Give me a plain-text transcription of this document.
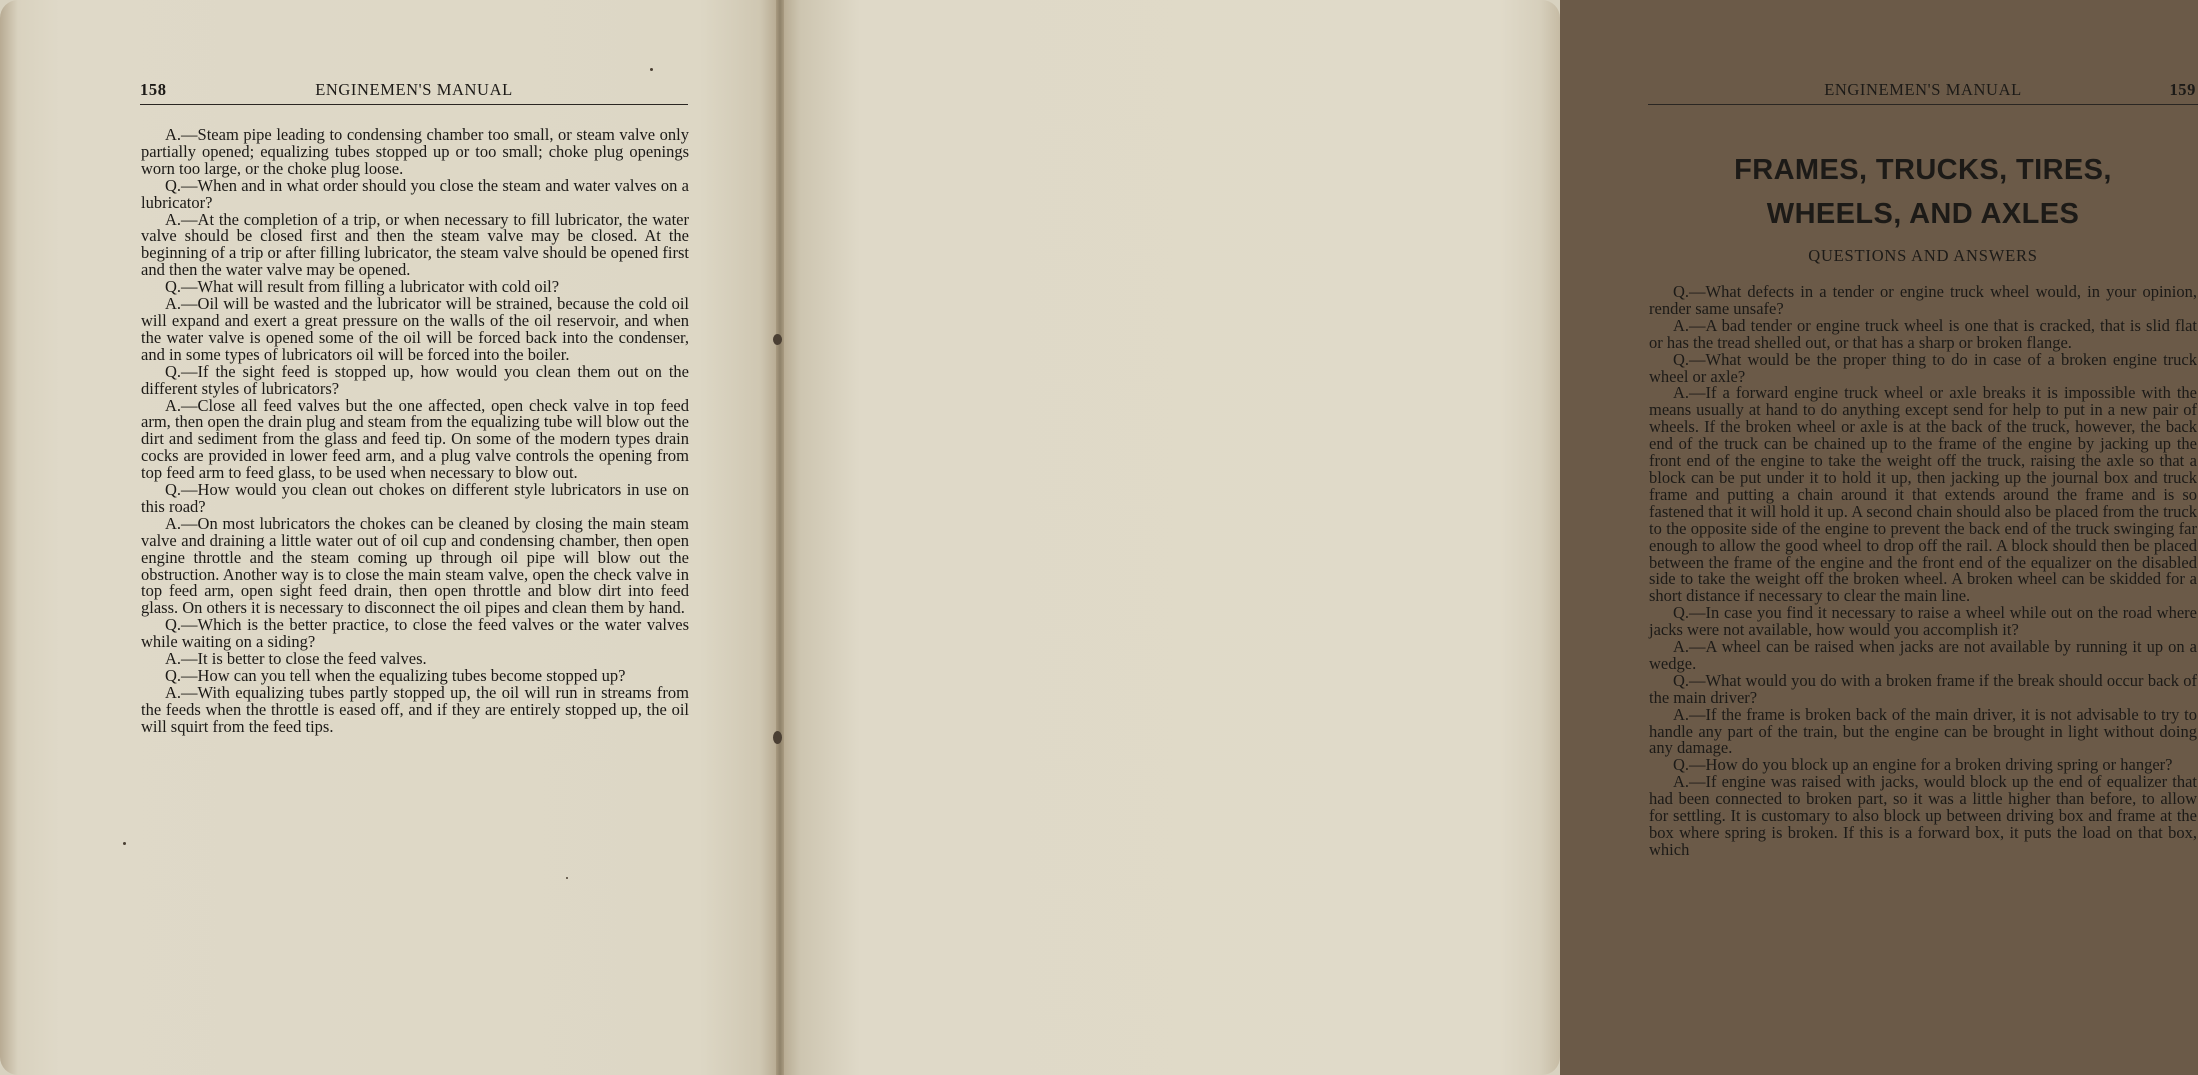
158	ENGINEMEN'S MANUAL

A.—Steam pipe leading to condensing chamber too small, or steam valve only partially opened; equalizing tubes stopped up or too small; choke plug openings worn too large, or the choke plug loose.

Q.—When and in what order should you close the steam and water valves on a lubricator?

A.—At the completion of a trip, or when necessary to fill lubricator, the water valve should be closed first and then the steam valve may be closed. At the beginning of a trip or after filling lubricator, the steam valve should be opened first and then the water valve may be opened.

Q.—What will result from filling a lubricator with cold oil?

A.—Oil will be wasted and the lubricator will be strained, because the cold oil will expand and exert a great pressure on the walls of the oil reservoir, and when the water valve is opened some of the oil will be forced back into the condenser, and in some types of lubricators oil will be forced into the boiler.

Q.—If the sight feed is stopped up, how would you clean them out on the different styles of lubricators?

A.—Close all feed valves but the one affected, open check valve in top feed arm, then open the drain plug and steam from the equalizing tube will blow out the dirt and sediment from the glass and feed tip. On some of the modern types drain cocks are provided in lower feed arm, and a plug valve controls the opening from top feed arm to feed glass, to be used when necessary to blow out.

Q.—How would you clean out chokes on different style lubricators in use on this road?

A.—On most lubricators the chokes can be cleaned by closing the main steam valve and draining a little water out of oil cup and condensing chamber, then open engine throttle and the steam coming up through oil pipe will blow out the obstruction. Another way is to close the main steam valve, open the check valve in top feed arm, open sight feed drain, then open throttle and blow dirt into feed glass. On others it is necessary to disconnect the oil pipes and clean them by hand.

Q.—Which is the better practice, to close the feed valves or the water valves while waiting on a siding?

A.—It is better to close the feed valves.

Q.—How can you tell when the equalizing tubes become stopped up?

A.—With equalizing tubes partly stopped up, the oil will run in streams from the feeds when the throttle is eased off, and if they are entirely stopped up, the oil will squirt from the feed tips.

ENGINEMEN'S MANUAL	159
FRAMES, TRUCKS, TIRES,
WHEELS, AND AXLES
QUESTIONS AND ANSWERS

Q.—What defects in a tender or engine truck wheel would, in your opinion, render same unsafe?

A.—A bad tender or engine truck wheel is one that is cracked, that is slid flat or has the tread shelled out, or that has a sharp or broken flange.

Q.—What would be the proper thing to do in case of a broken engine truck wheel or axle?

A.—If a forward engine truck wheel or axle breaks it is impossible with the means usually at hand to do anything except send for help to put in a new pair of wheels. If the broken wheel or axle is at the back of the truck, however, the back end of the truck can be chained up to the frame of the engine by jacking up the front end of the engine to take the weight off the truck, raising the axle so that a block can be put under it to hold it up, then jacking up the journal box and truck frame and putting a chain around it that extends around the frame and is so fastened that it will hold it up. A second chain should also be placed from the truck to the opposite side of the engine to prevent the back end of the truck swinging far enough to allow the good wheel to drop off the rail. A block should then be placed between the frame of the engine and the front end of the equalizer on the disabled side to take the weight off the broken wheel. A broken wheel can be skidded for a short distance if necessary to clear the main line.

Q.—In case you find it necessary to raise a wheel while out on the road where jacks were not available, how would you accomplish it?

A.—A wheel can be raised when jacks are not available by running it up on a wedge.

Q.—What would you do with a broken frame if the break should occur back of the main driver?

A.—If the frame is broken back of the main driver, it is not advisable to try to handle any part of the train, but the engine can be brought in light without doing any damage.

Q.—How do you block up an engine for a broken driving spring or hanger?

A.—If engine was raised with jacks, would block up the end of equalizer that had been connected to broken part, so it was a little higher than before, to allow for settling. It is customary to also block up between driving box and frame at the box where spring is broken. If this is a forward box, it puts the load on that box, which
